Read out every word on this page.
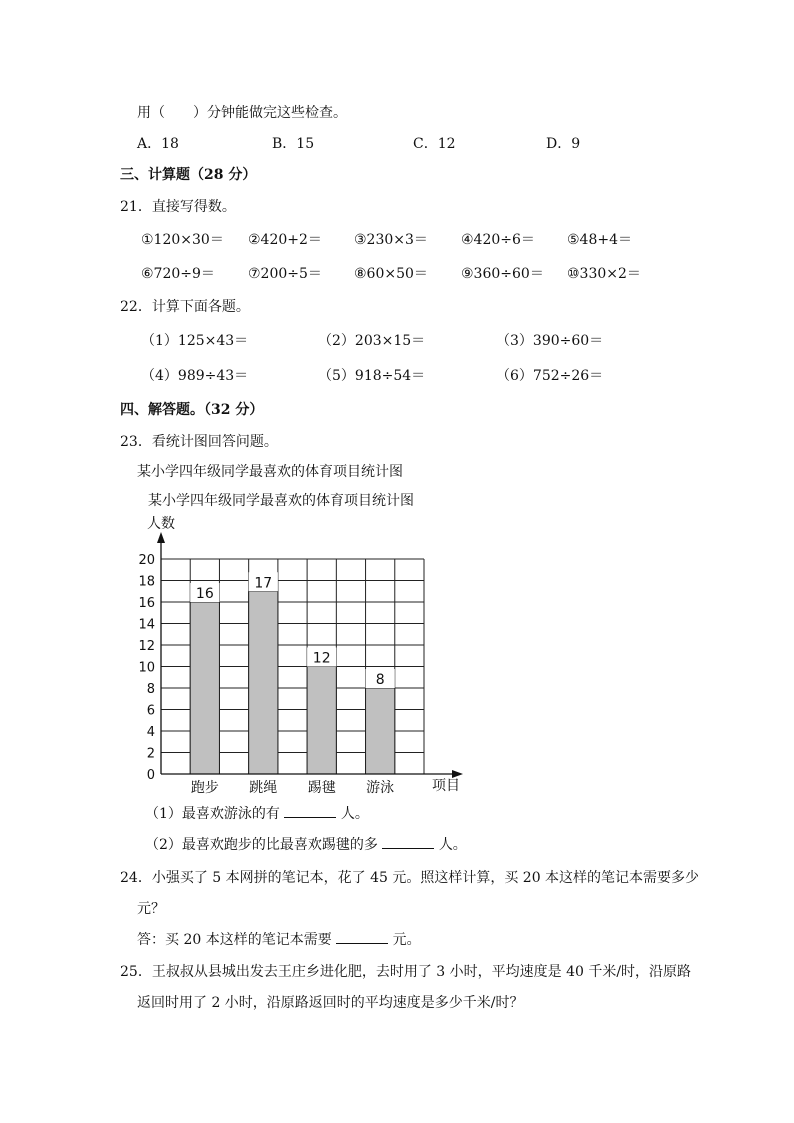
用（　　）分钟能做完这些检查。
A．18	B．15	C．12	D．9
三、计算题（28 分）
21．直接写得数。
①120×30＝ ②420+2＝ ③230×3＝ ④420÷6＝ ⑤48+4＝
⑥720÷9＝ ⑦200÷5＝ ⑧60×50＝ ⑨360÷60＝ ⑩330×2＝
22．计算下面各题。
（1）125×43＝	（2）203×15＝	（3）390÷60＝
（4）989÷43＝	（5）918÷54＝	（6）752÷26＝
四、解答题。（32 分）
23．看统计图回答问题。
某小学四年级同学最喜欢的体育项目统计图
某小学四年级同学最喜欢的体育项目统计图
人数
项目
0
2
4
6
8
10
12
14
16
18
20
16
跑步
17
跳绳
12
踢毽
8
游泳
（1）最喜欢游泳的有	人。
（2）最喜欢跑步的比最喜欢踢毽的多	人。
24．小强买了 5 本网拼的笔记本，花了 45 元。照这样计算，买 20 本这样的笔记本需要多少
元？
答：买 20 本这样的笔记本需要	元。
25．王叔叔从县城出发去王庄乡进化肥，去时用了 3 小时，平均速度是 40 千米/时，沿原路
返回时用了 2 小时，沿原路返回时的平均速度是多少千米/时？
